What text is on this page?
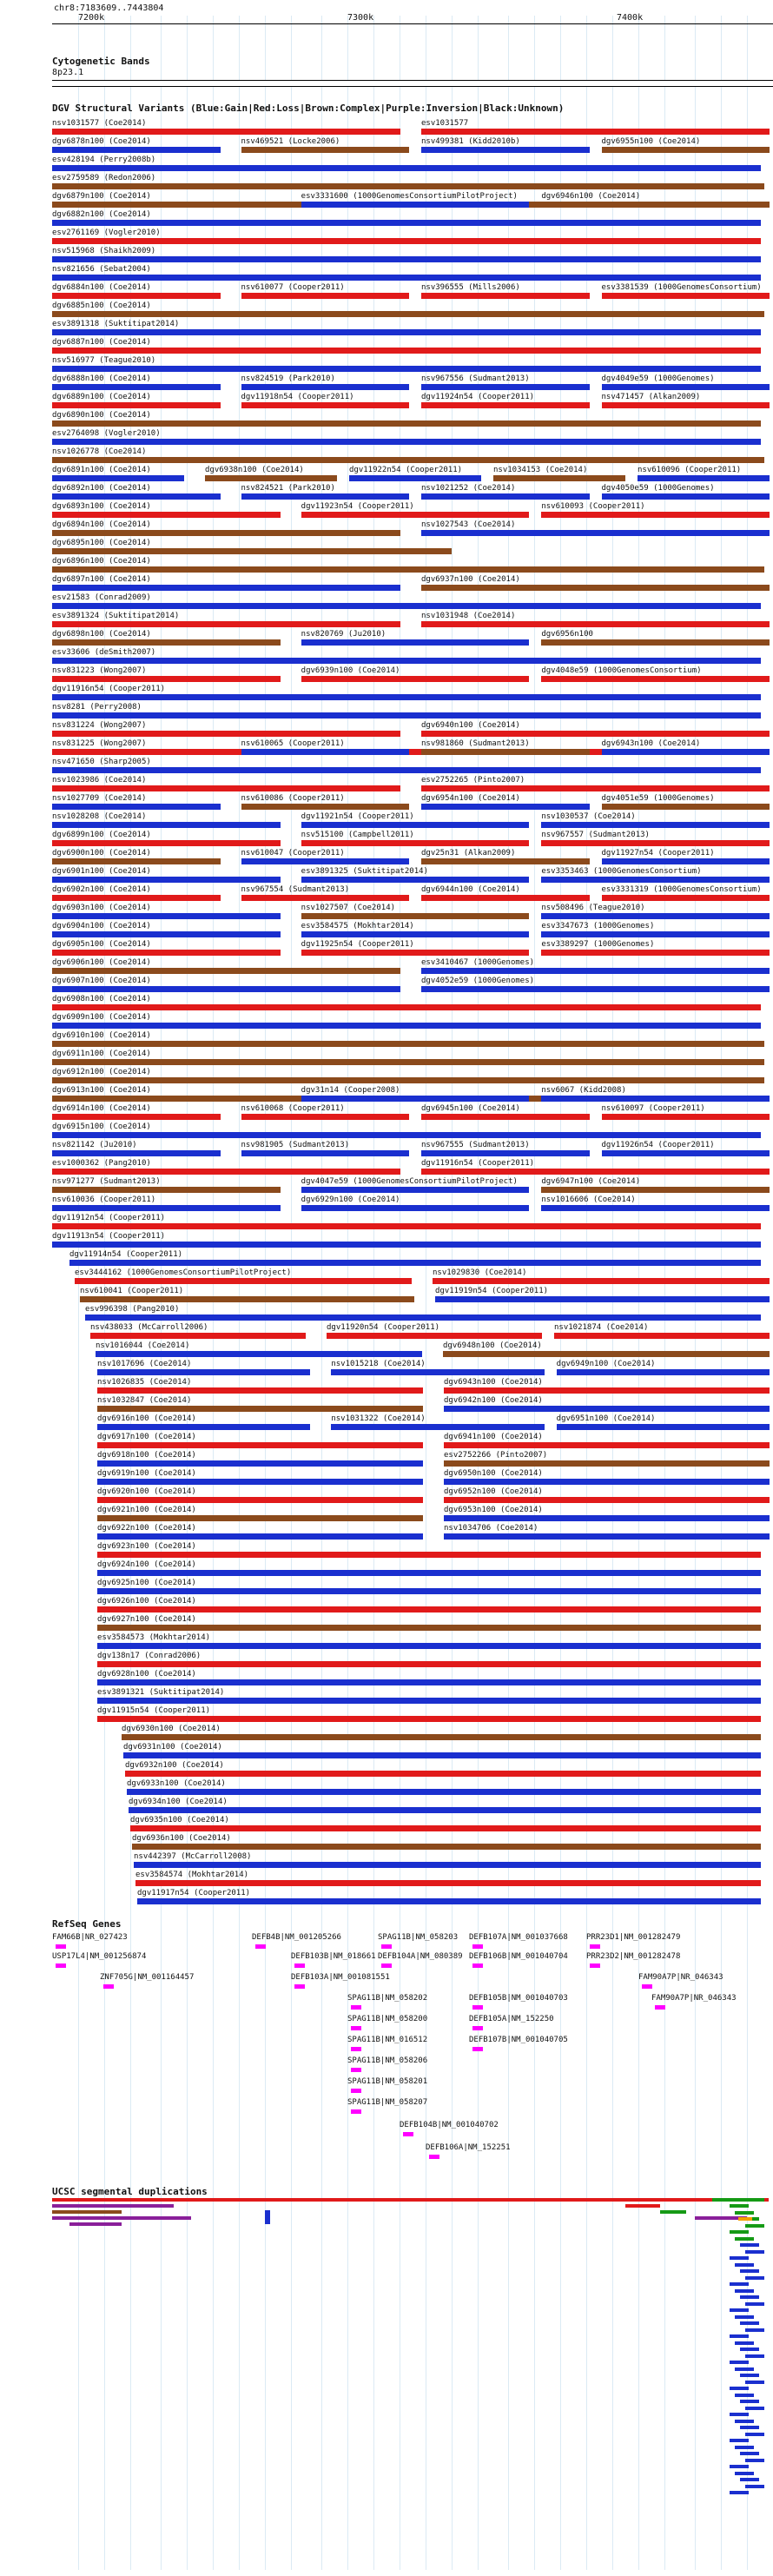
chr8:7183609..7443804
7200k	7300k	7400k
Cytogenetic Bands
8p23.1
DGV Structural Variants (Blue:Gain|Red:Loss|Brown:Complex|Purple:Inversion|Black:Unknown)
nsv1031577 (Coe2014)	esv1031577
dgv6878n100 (Coe2014)	nsv469521 (Locke2006)	nsv499381 (Kidd2010b)	dgv6955n100 (Coe2014)
esv428194 (Perry2008b)
esv2759589 (Redon2006)
dgv6879n100 (Coe2014)	esv3331600 (1000GenomesConsortiumPilotProject)	dgv6946n100 (Coe2014)
dgv6882n100 (Coe2014)
esv2761169 (Vogler2010)
nsv515968 (Shaikh2009)
nsv821656 (Sebat2004)
dgv6884n100 (Coe2014)	nsv610077 (Cooper2011)	nsv396555 (Mills2006)	esv3381539 (1000GenomesConsortium)
dgv6885n100 (Coe2014)
esv3891318 (Suktitipat2014)
dgv6887n100 (Coe2014)
nsv516977 (Teague2010)
dgv6888n100 (Coe2014)	nsv824519 (Park2010)	nsv967556 (Sudmant2013)	dgv4049e59 (1000Genomes)
dgv6889n100 (Coe2014)	dgv11918n54 (Cooper2011)	dgv11924n54 (Cooper2011)	nsv471457 (Alkan2009)
dgv6890n100 (Coe2014)
esv2764098 (Vogler2010)
nsv1026778 (Coe2014)
dgv6891n100 (Coe2014)	dgv6938n100 (Coe2014)	dgv11922n54 (Cooper2011)	nsv1034153 (Coe2014)	nsv610096 (Cooper2011)
dgv6892n100 (Coe2014)	nsv824521 (Park2010)	nsv1021252 (Coe2014)	dgv4050e59 (1000Genomes)
dgv6893n100 (Coe2014)	dgv11923n54 (Cooper2011)	nsv610093 (Cooper2011)
dgv6894n100 (Coe2014)	nsv1027543 (Coe2014)
dgv6895n100 (Coe2014)
dgv6896n100 (Coe2014)
dgv6897n100 (Coe2014)	dgv6937n100 (Coe2014)
esv21583 (Conrad2009)
esv3891324 (Suktitipat2014)	nsv1031948 (Coe2014)
dgv6898n100 (Coe2014)	nsv820769 (Ju2010)	dgv6956n100
esv33606 (deSmith2007)
nsv831223 (Wong2007)	dgv6939n100 (Coe2014)	dgv4048e59 (1000GenomesConsortium)
dgv11916n54 (Cooper2011)
nsv8281 (Perry2008)
nsv831224 (Wong2007)	dgv6940n100 (Coe2014)
nsv831225 (Wong2007)	nsv610065 (Cooper2011)	nsv981860 (Sudmant2013)	dgv6943n100 (Coe2014)
nsv471650 (Sharp2005)
nsv1023986 (Coe2014)	esv2752265 (Pinto2007)
nsv1027709 (Coe2014)	nsv610086 (Cooper2011)	dgv6954n100 (Coe2014)	dgv4051e59 (1000Genomes)
nsv1028208 (Coe2014)	dgv11921n54 (Cooper2011)	nsv1030537 (Coe2014)
dgv6899n100 (Coe2014)	nsv515100 (Campbell2011)	nsv967557 (Sudmant2013)
dgv6900n100 (Coe2014)	nsv610047 (Cooper2011)	dgv25n31 (Alkan2009)	dgv11927n54 (Cooper2011)
dgv6901n100 (Coe2014)	esv3891325 (Suktitipat2014)	esv3353463 (1000GenomesConsortium)
dgv6902n100 (Coe2014)	nsv967554 (Sudmant2013)	dgv6944n100 (Coe2014)	esv3331319 (1000GenomesConsortium)
dgv6903n100 (Coe2014)	nsv1027507 (Coe2014)	nsv508496 (Teague2010)
dgv6904n100 (Coe2014)	esv3584575 (Mokhtar2014)	esv3347673 (1000Genomes)
dgv6905n100 (Coe2014)	dgv11925n54 (Cooper2011)	esv3389297 (1000Genomes)
dgv6906n100 (Coe2014)	esv3410467 (1000Genomes)
dgv6907n100 (Coe2014)	dgv4052e59 (1000Genomes)
dgv6908n100 (Coe2014)
dgv6909n100 (Coe2014)
dgv6910n100 (Coe2014)
dgv6911n100 (Coe2014)
dgv6912n100 (Coe2014)
dgv6913n100 (Coe2014)	dgv31n14 (Cooper2008)	nsv6067 (Kidd2008)
dgv6914n100 (Coe2014)	nsv610068 (Cooper2011)	dgv6945n100 (Coe2014)	nsv610097 (Cooper2011)
dgv6915n100 (Coe2014)
nsv821142 (Ju2010)	nsv981905 (Sudmant2013)	nsv967555 (Sudmant2013)	dgv11926n54 (Cooper2011)
esv1000362 (Pang2010)	dgv11916n54 (Cooper2011)
nsv971277 (Sudmant2013)	dgv4047e59 (1000GenomesConsortiumPilotProject)	dgv6947n100 (Coe2014)
nsv610036 (Cooper2011)	dgv6929n100 (Coe2014)	nsv1016606 (Coe2014)
dgv11912n54 (Cooper2011)
dgv11913n54 (Cooper2011)
dgv11914n54 (Cooper2011)
esv3444162 (1000GenomesConsortiumPilotProject)	nsv1029830 (Coe2014)
nsv610041 (Cooper2011)	dgv11919n54 (Cooper2011)
esv996398 (Pang2010)
nsv438033 (McCarroll2006)	dgv11920n54 (Cooper2011)	nsv1021874 (Coe2014)
nsv1016044 (Coe2014)	dgv6948n100 (Coe2014)
nsv1017696 (Coe2014)	nsv1015218 (Coe2014)	dgv6949n100 (Coe2014)
nsv1026835 (Coe2014)	dgv6943n100 (Coe2014)
nsv1032847 (Coe2014)	dgv6942n100 (Coe2014)
dgv6916n100 (Coe2014)	nsv1031322 (Coe2014)	dgv6951n100 (Coe2014)
dgv6917n100 (Coe2014)	dgv6941n100 (Coe2014)
dgv6918n100 (Coe2014)	esv2752266 (Pinto2007)
dgv6919n100 (Coe2014)	dgv6950n100 (Coe2014)
dgv6920n100 (Coe2014)	dgv6952n100 (Coe2014)
dgv6921n100 (Coe2014)	dgv6953n100 (Coe2014)
dgv6922n100 (Coe2014)	nsv1034706 (Coe2014)
dgv6923n100 (Coe2014)
dgv6924n100 (Coe2014)
dgv6925n100 (Coe2014)
dgv6926n100 (Coe2014)
dgv6927n100 (Coe2014)
esv3584573 (Mokhtar2014)
dgv138n17 (Conrad2006)
dgv6928n100 (Coe2014)
esv3891321 (Suktitipat2014)
dgv11915n54 (Cooper2011)
dgv6930n100 (Coe2014)
dgv6931n100 (Coe2014)
dgv6932n100 (Coe2014)
dgv6933n100 (Coe2014)
dgv6934n100 (Coe2014)
dgv6935n100 (Coe2014)
dgv6936n100 (Coe2014)
nsv442397 (McCarroll2008)
esv3584574 (Mokhtar2014)
dgv11917n54 (Cooper2011)
RefSeq Genes
FAM66B|NR_027423	DEFB4B|NM_001205266	SPAG11B|NM_058203 DEFB107A|NM_001037668 PRR23D1|NM_001282479
USP17L4|NM_001256874	DEFB103B|NM_018661 DEFB104A|NM_080389 DEFB106B|NM_001040704 PRR23D2|NM_001282478
ZNF705G|NM_001164457	DEFB103A|NM_001081551	FAM90A7P|NR_046343
SPAG11B|NM_058202	DEFB105B|NM_001040703	FAM90A7P|NR_046343
SPAG11B|NM_058200	DEFB105A|NM_152250
SPAG11B|NM_016512	DEFB107B|NM_001040705
SPAG11B|NM_058206
SPAG11B|NM_058201
SPAG11B|NM_058207
DEFB104B|NM_001040702
DEFB106A|NM_152251
UCSC segmental duplications
